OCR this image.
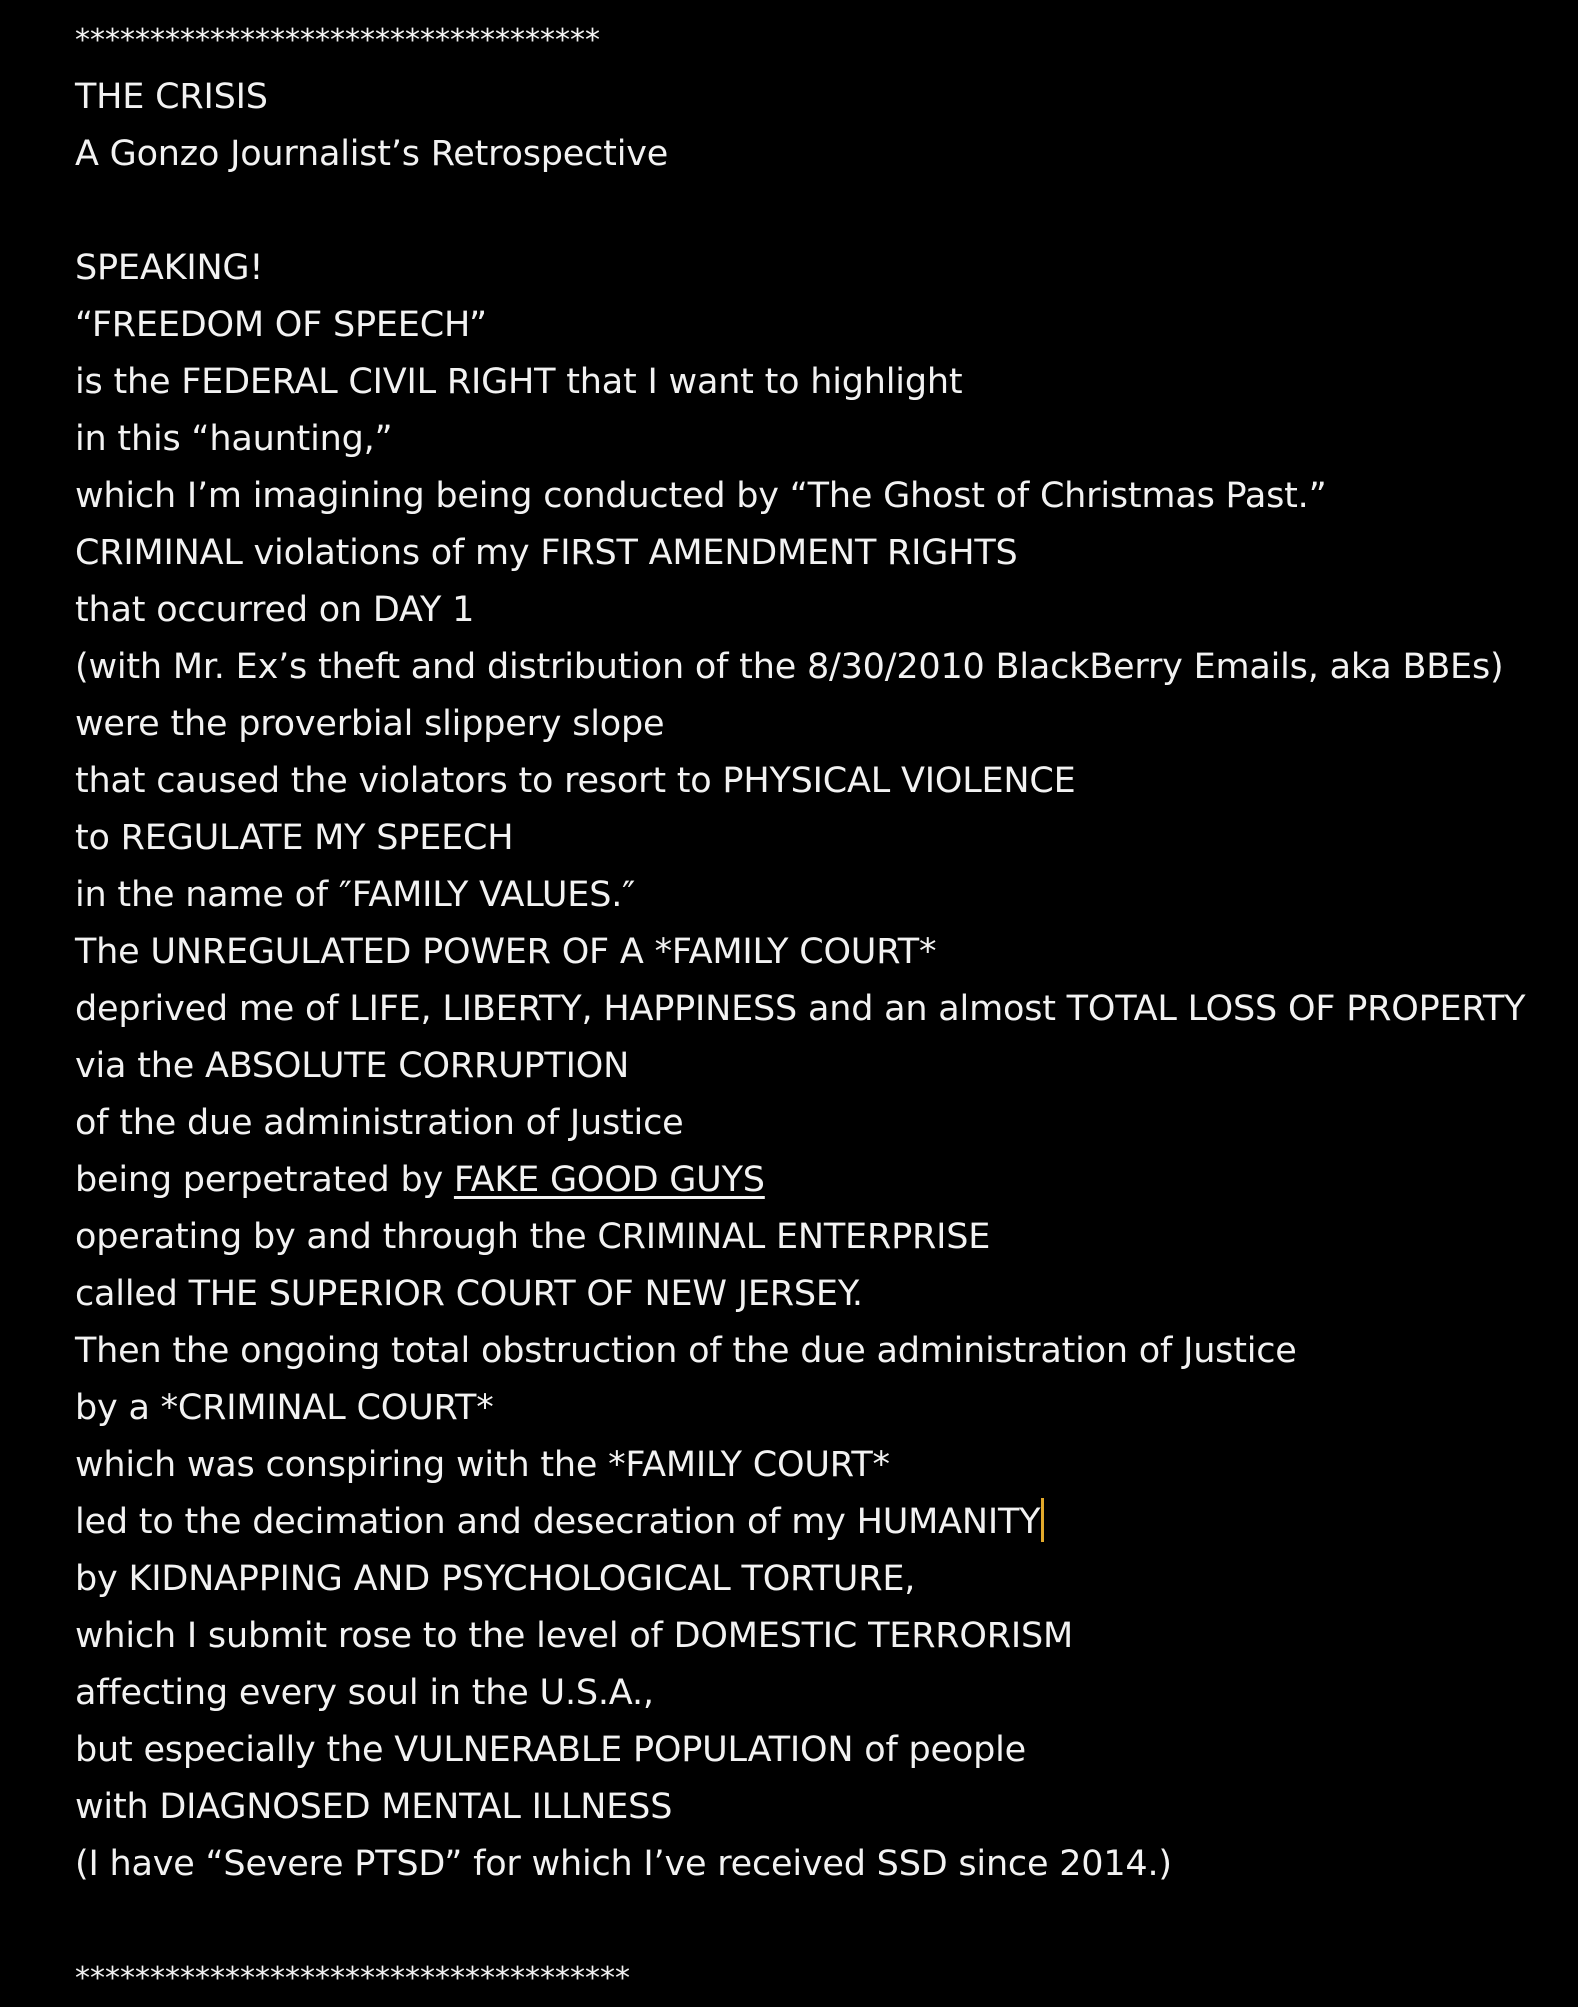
***********************************
THE CRISIS
A Gonzo Journalist’s Retrospective
SPEAKING!
“FREEDOM OF SPEECH”
is the FEDERAL CIVIL RIGHT that I want to highlight
in this “haunting,”
which I’m imagining being conducted by “The Ghost of Christmas Past.”
CRIMINAL violations of my FIRST AMENDMENT RIGHTS
that occurred on DAY 1
(with Mr. Ex’s theft and distribution of the 8/30/2010 BlackBerry Emails, aka BBEs)
were the proverbial slippery slope
that caused the violators to resort to PHYSICAL VIOLENCE
to REGULATE MY SPEECH
in the name of ″FAMILY VALUES.″
The UNREGULATED POWER OF A *FAMILY COURT*
deprived me of LIFE, LIBERTY, HAPPINESS and an almost TOTAL LOSS OF PROPERTY
via the ABSOLUTE CORRUPTION
of the due administration of Justice
being perpetrated by FAKE GOOD GUYS
operating by and through the CRIMINAL ENTERPRISE
called THE SUPERIOR COURT OF NEW JERSEY.
Then the ongoing total obstruction of the due administration of Justice
by a *CRIMINAL COURT*
which was conspiring with the *FAMILY COURT*
led to the decimation and desecration of my HUMANITY
by KIDNAPPING AND PSYCHOLOGICAL TORTURE,
which I submit rose to the level of DOMESTIC TERRORISM
affecting every soul in the U.S.A.,
but especially the VULNERABLE POPULATION of people
with DIAGNOSED MENTAL ILLNESS
(I have “Severe PTSD” for which I’ve received SSD since 2014.)
*************************************
